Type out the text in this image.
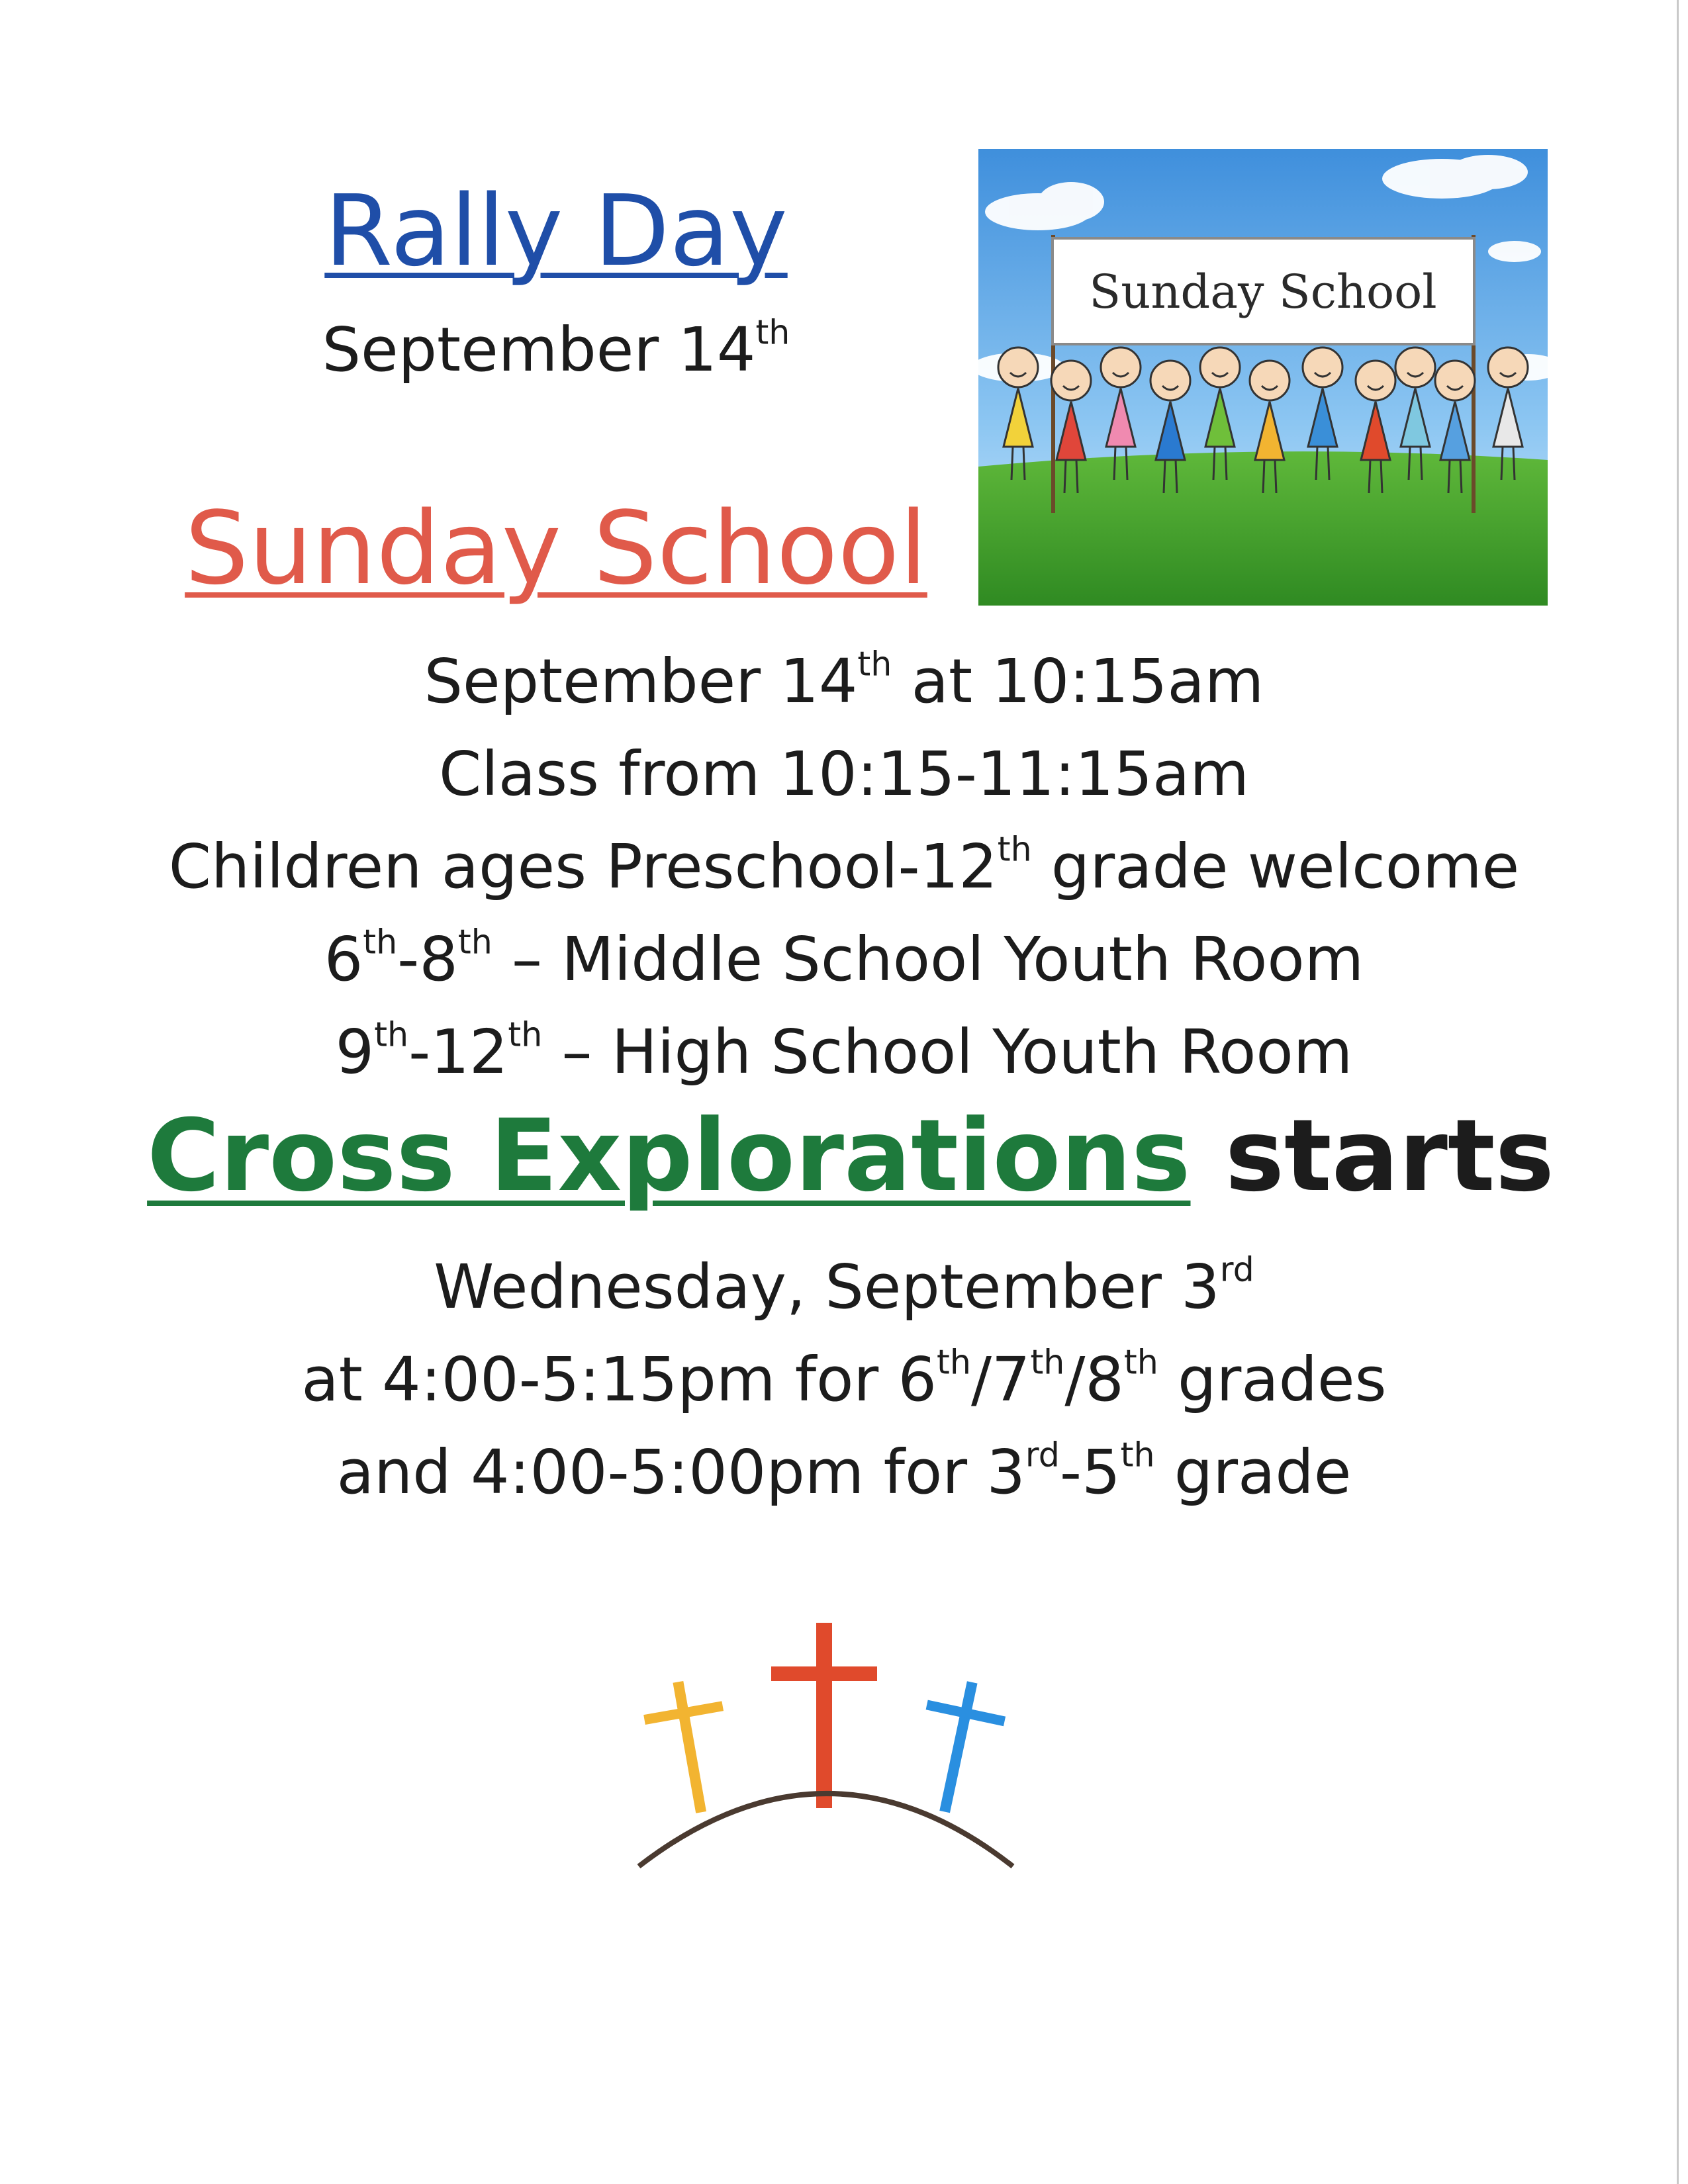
Rally Day
September 14th
Sunday School
Sunday School
September 14th at 10:15am
Class from 10:15-11:15am
Children ages Preschool-12th grade welcome
6th-8th – Middle School Youth Room
9th-12th – High School Youth Room
Cross Explorations starts
Wednesday, September 3rd
at 4:00-5:15pm for 6th/7th/8th grades
and 4:00-5:00pm for 3rd-5th grade
